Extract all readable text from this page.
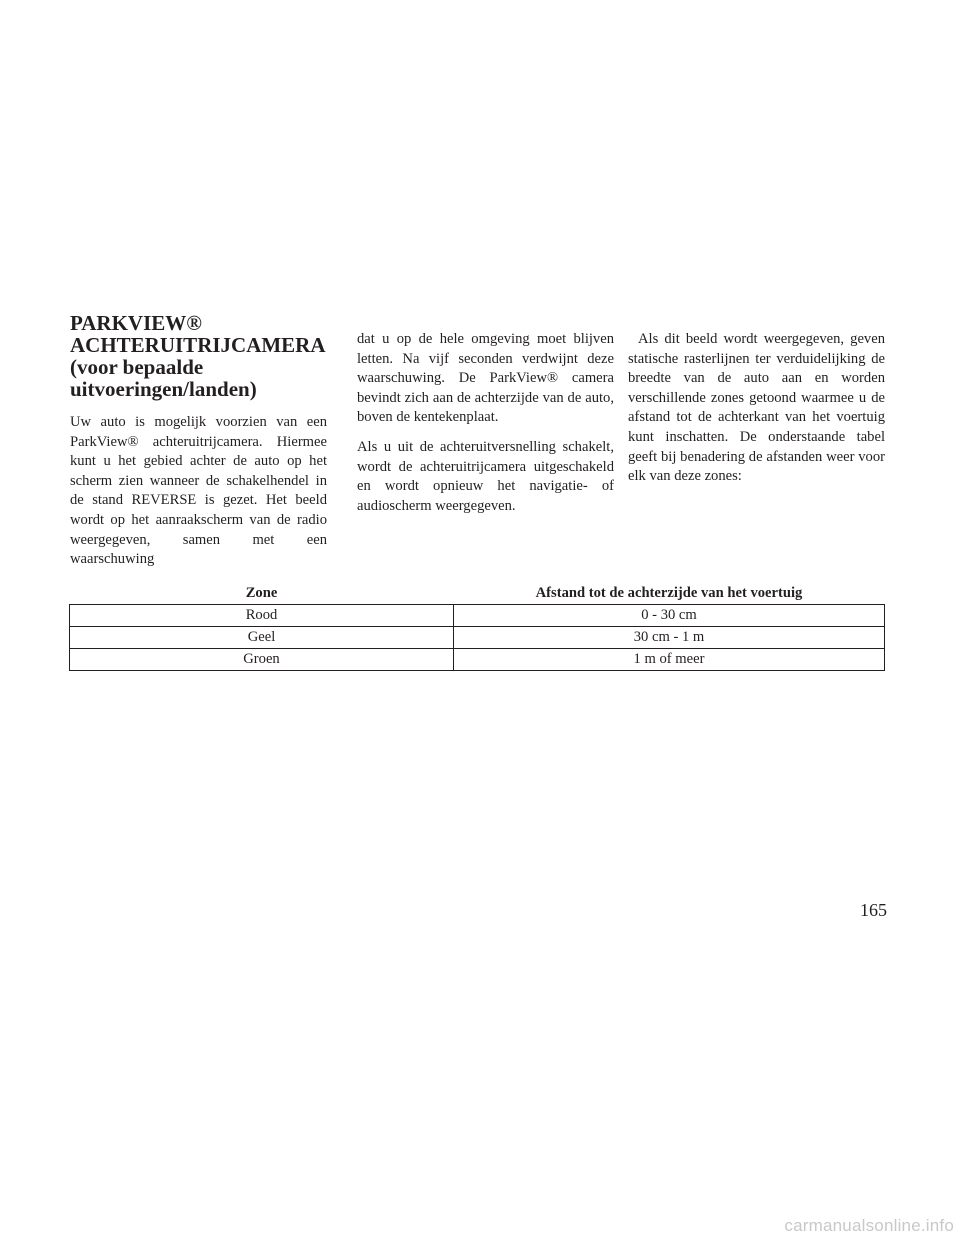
PARKVIEW®
ACHTERUITRIJCAMERA
(voor bepaalde
uitvoeringen/landen)

Uw auto is mogelijk voorzien van een ParkView® achteruitrijcamera. Hiermee kunt u het gebied achter de auto op het scherm zien wanneer de schakelhendel in de stand REVERSE is gezet. Het beeld wordt op het aanraakscherm van de radio weergegeven, samen met een waarschuwing

dat u op de hele omgeving moet blijven letten. Na vijf seconden verdwijnt deze waarschuwing. De ParkView® camera bevindt zich aan de achterzijde van de auto, boven de kentekenplaat.

Als u uit de achteruitversnelling schakelt, wordt de achteruitrijcamera uitgeschakeld en wordt opnieuw het navigatie- of audioscherm weergegeven.

Als dit beeld wordt weergegeven, geven statische rasterlijnen ter verduidelijking de breedte van de auto aan en worden verschillende zones getoond waarmee u de afstand tot de achterkant van het voertuig kunt inschatten. De onderstaande tabel geeft bij benadering de afstanden weer voor elk van deze zones:

Zone	Afstand tot de achterzijde van het voertuig
Rood	0 - 30 cm
Geel	30 cm - 1 m
Groen	1 m of meer
165
carmanualsonline.info
